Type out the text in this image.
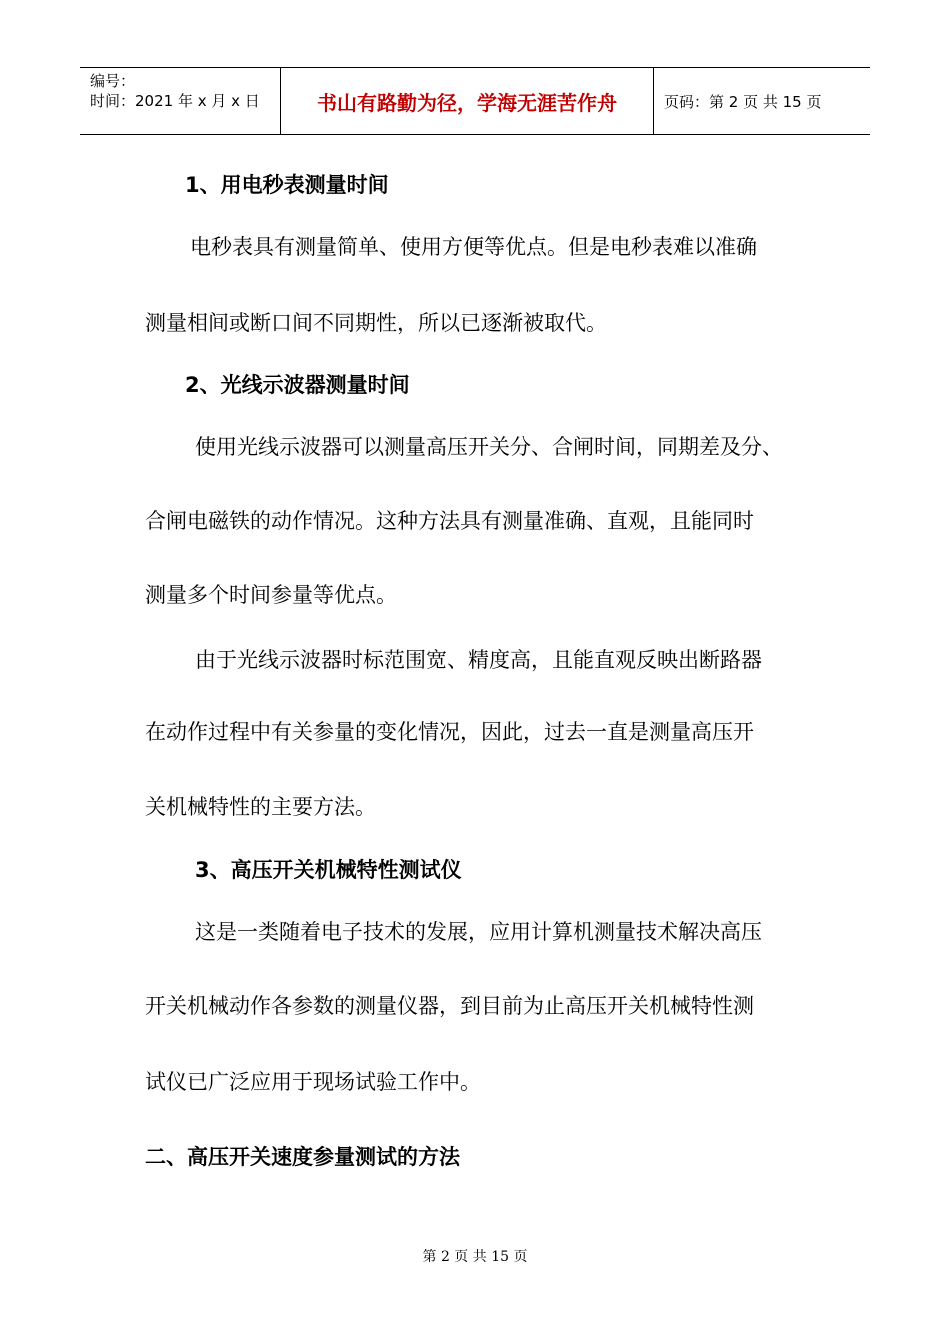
编号：
时间：2021 年 x 月 x 日	书山有路勤为径，学海无涯苦作舟	页码：第 2 页 共 15 页
1、用电秒表测量时间
电秒表具有测量简单、使用方便等优点。但是电秒表难以准确
测量相间或断口间不同期性，所以已逐渐被取代。
2、光线示波器测量时间
使用光线示波器可以测量高压开关分、合闸时间，同期差及分、
合闸电磁铁的动作情况。这种方法具有测量准确、直观，且能同时
测量多个时间参量等优点。
由于光线示波器时标范围宽、精度高，且能直观反映出断路器
在动作过程中有关参量的变化情况，因此，过去一直是测量高压开
关机械特性的主要方法。
3、高压开关机械特性测试仪
这是一类随着电子技术的发展，应用计算机测量技术解决高压
开关机械动作各参数的测量仪器，到目前为止高压开关机械特性测
试仪已广泛应用于现场试验工作中。
二、高压开关速度参量测试的方法
第 2 页 共 15 页
